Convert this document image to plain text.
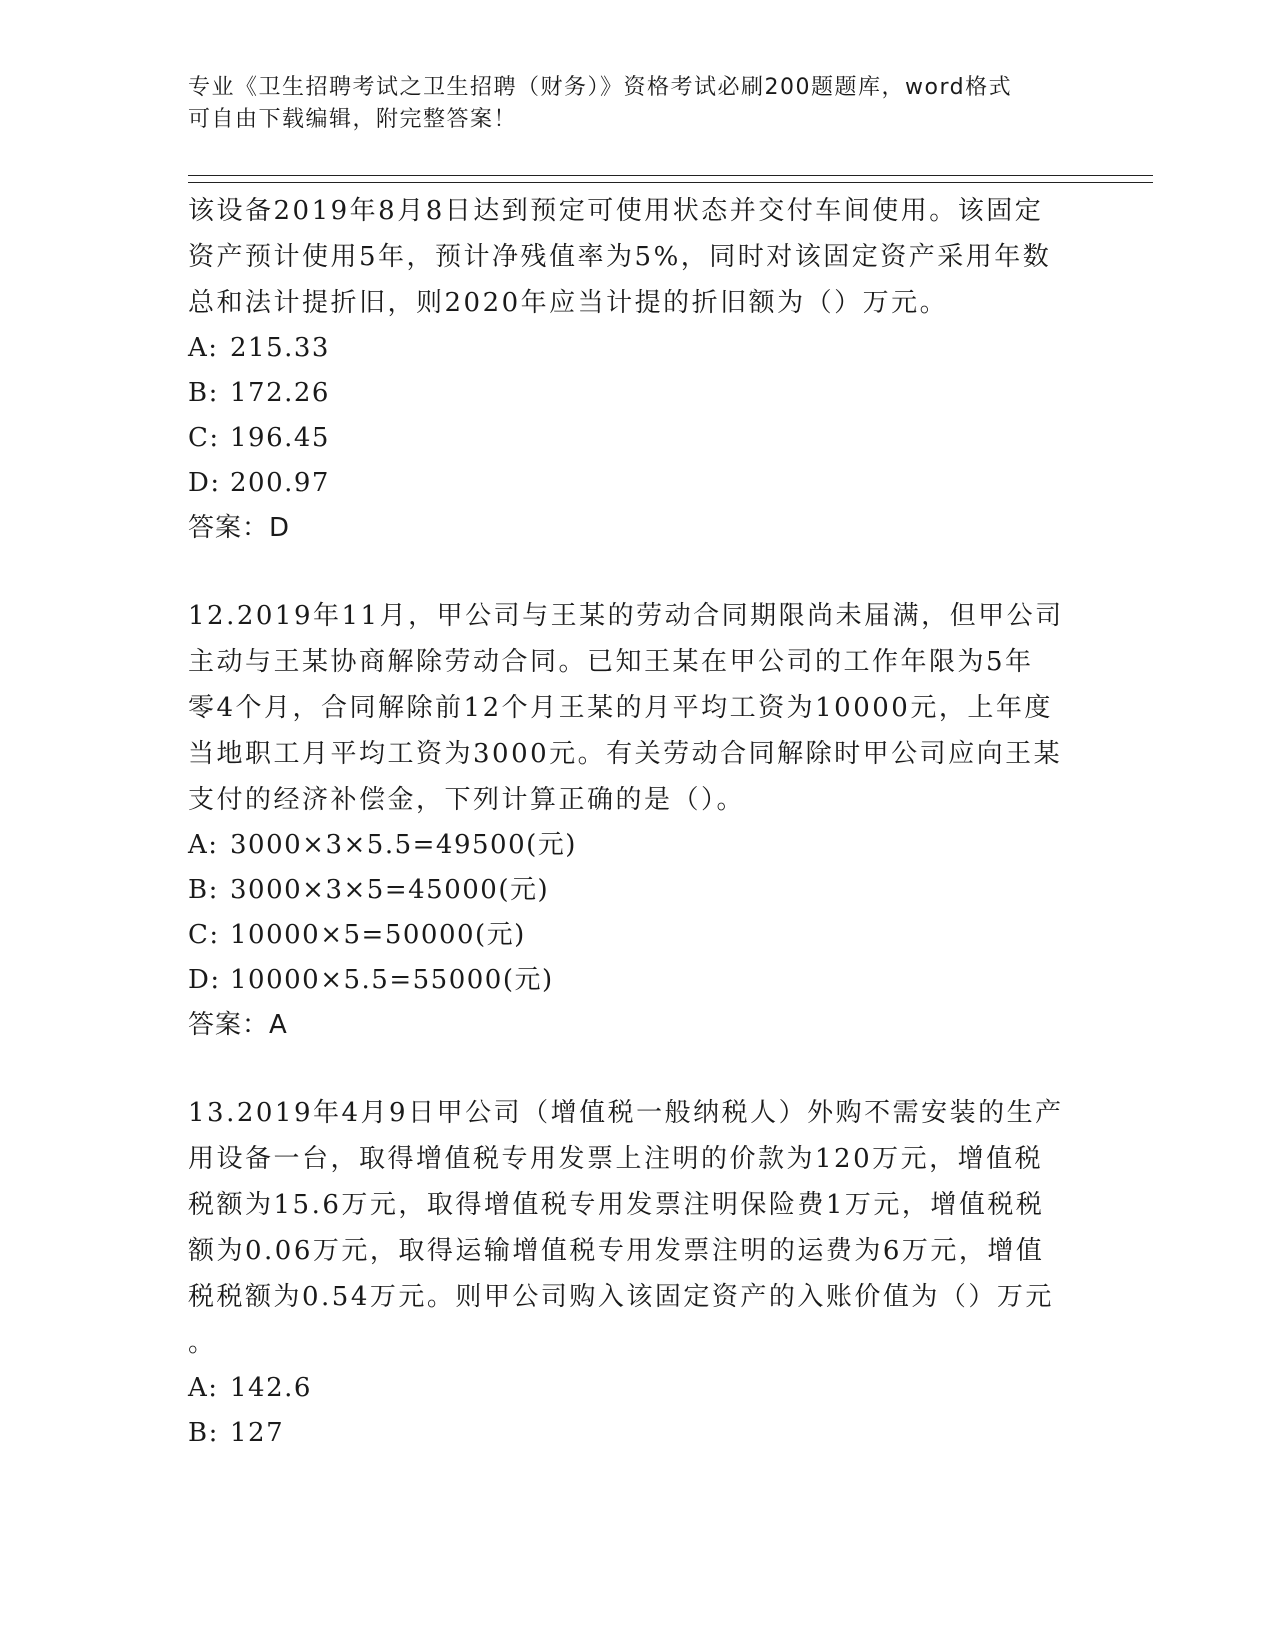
专业《卫生招聘考试之卫生招聘（财务）》资格考试必刷200题题库，word格式
可自由下载编辑，附完整答案！
该设备2019年8月8日达到预定可使用状态并交付车间使用。该固定
资产预计使用5年，预计净残值率为5%，同时对该固定资产采用年数
总和法计提折旧，则2020年应当计提的折旧额为（）万元。
A: 215.33
B: 172.26
C: 196.45
D: 200.97
答案：D
12.2019年11月，甲公司与王某的劳动合同期限尚未届满，但甲公司
主动与王某协商解除劳动合同。已知王某在甲公司的工作年限为5年
零4个月，合同解除前12个月王某的月平均工资为10000元，上年度
当地职工月平均工资为3000元。有关劳动合同解除时甲公司应向王某
支付的经济补偿金，下列计算正确的是（）。
A: 3000×3×5.5=49500(元)
B: 3000×3×5=45000(元)
C: 10000×5=50000(元)
D: 10000×5.5=55000(元)
答案：A
13.2019年4月9日甲公司（增值税一般纳税人）外购不需安装的生产
用设备一台，取得增值税专用发票上注明的价款为120万元，增值税
税额为15.6万元，取得增值税专用发票注明保险费1万元，增值税税
额为0.06万元，取得运输增值税专用发票注明的运费为6万元，增值
税税额为0.54万元。则甲公司购入该固定资产的入账价值为（）万元
。
A: 142.6
B: 127
